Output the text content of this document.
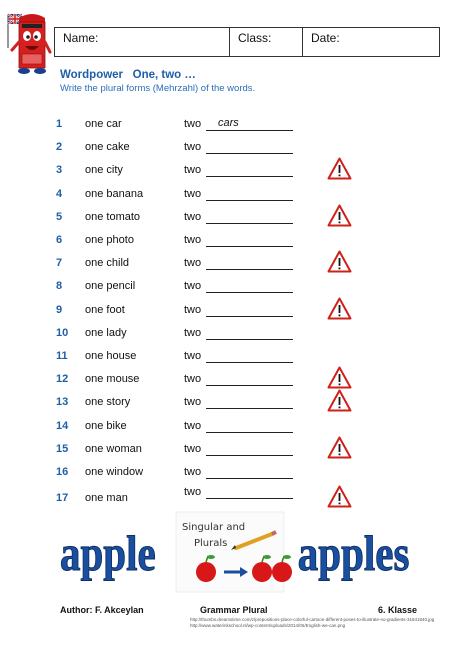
Name:	Class:	Date:
Wordpower   One, two …
Write the plural forms (Mehrzahl) of the words.
1 one car	two cars
2 one cake	two
3 one city	two
4 one banana	two
5 one tomato	two
6 one photo	two
7 one child	two
8 one pencil	two
9 one foot	two
10 one lady	two
11 one house	two
12 one mouse	two
13 one story	two
14 one bike	two
15 one woman	two
16 one window	two
17 one man	two
apple	apples
Singular and
Plurals
Author: F. Akceylan	Grammar Plural	6. Klasse
http://thumbs.dreamstime.com/z/prepositions-place-colorful-cartoon-different-poses-to-illustrate-no-gradients-31841840.jpg
http://www.waterinkschool.nl/wp-content/uploads/2014/06/English-we-can.png
